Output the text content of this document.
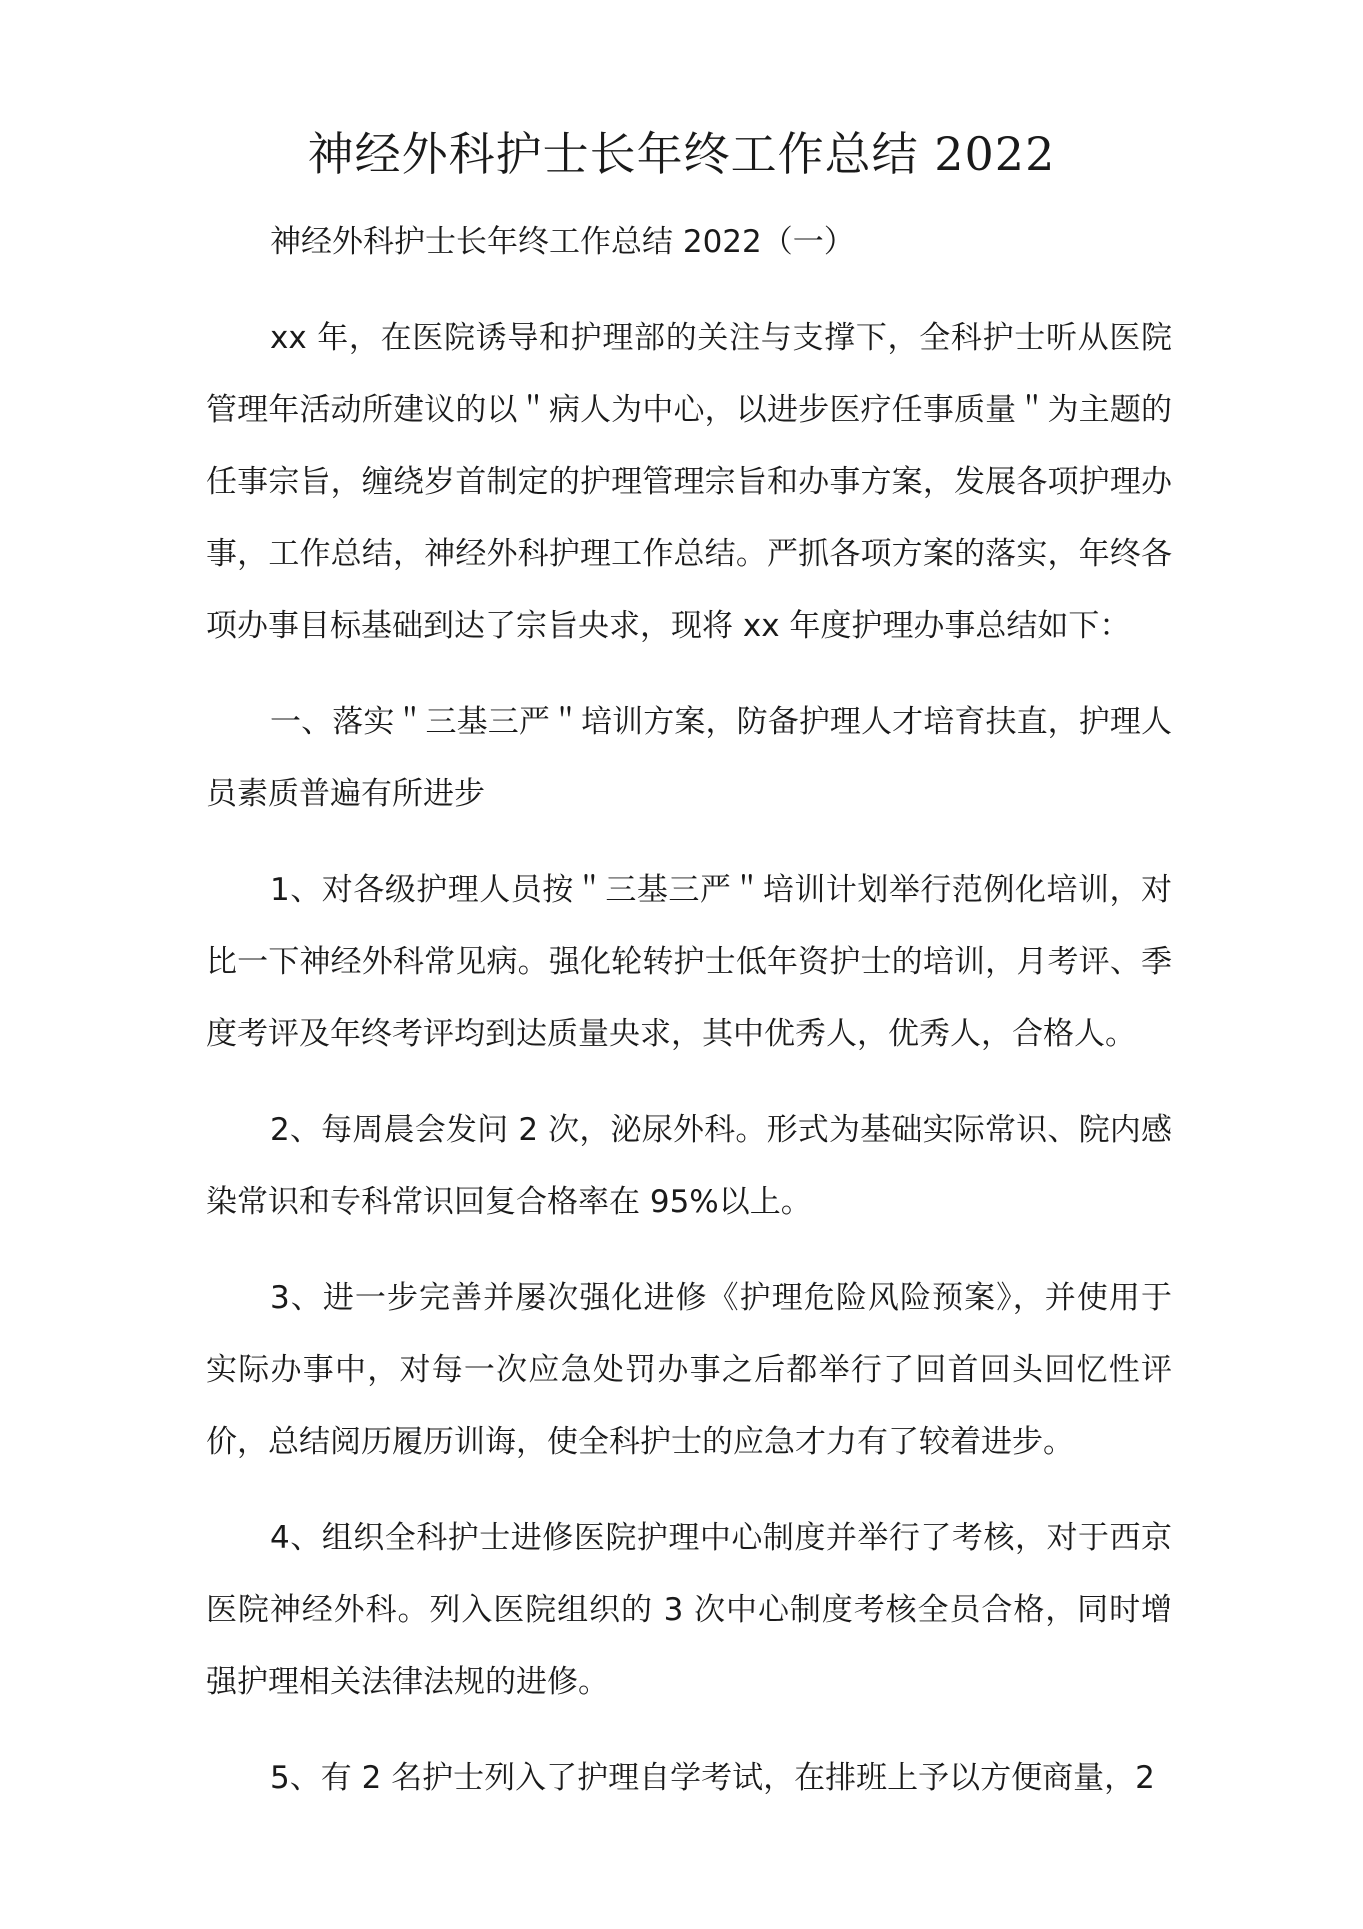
神经外科护士长年终工作总结 2022

神经外科护士长年终工作总结 2022（一）

xx 年，在医院诱导和护理部的关注与支撑下，全科护士听从医院管理年活动所建议的以＂病人为中心，以进步医疗任事质量＂为主题的任事宗旨，缠绕岁首制定的护理管理宗旨和办事方案，发展各项护理办事，工作总结，神经外科护理工作总结。严抓各项方案的落实，年终各项办事目标基础到达了宗旨央求，现将 xx 年度护理办事总结如下：

一、落实＂三基三严＂培训方案，防备护理人才培育扶直，护理人员素质普遍有所进步

1、对各级护理人员按＂三基三严＂培训计划举行范例化培训，对比一下神经外科常见病。强化轮转护士低年资护士的培训，月考评、季度考评及年终考评均到达质量央求，其中优秀人，优秀人，合格人。

2、每周晨会发问 2 次，泌尿外科。形式为基础实际常识、院内感染常识和专科常识回复合格率在 95%以上。

3、进一步完善并屡次强化进修《护理危险风险预案》，并使用于实际办事中，对每一次应急处罚办事之后都举行了回首回头回忆性评价，总结阅历履历训诲，使全科护士的应急才力有了较着进步。

4、组织全科护士进修医院护理中心制度并举行了考核，对于西京医院神经外科。列入医院组织的 3 次中心制度考核全员合格，同时增强护理相关法律法规的进修。

5、有 2 名护士列入了护理自学考试，在排班上予以方便商量，2
